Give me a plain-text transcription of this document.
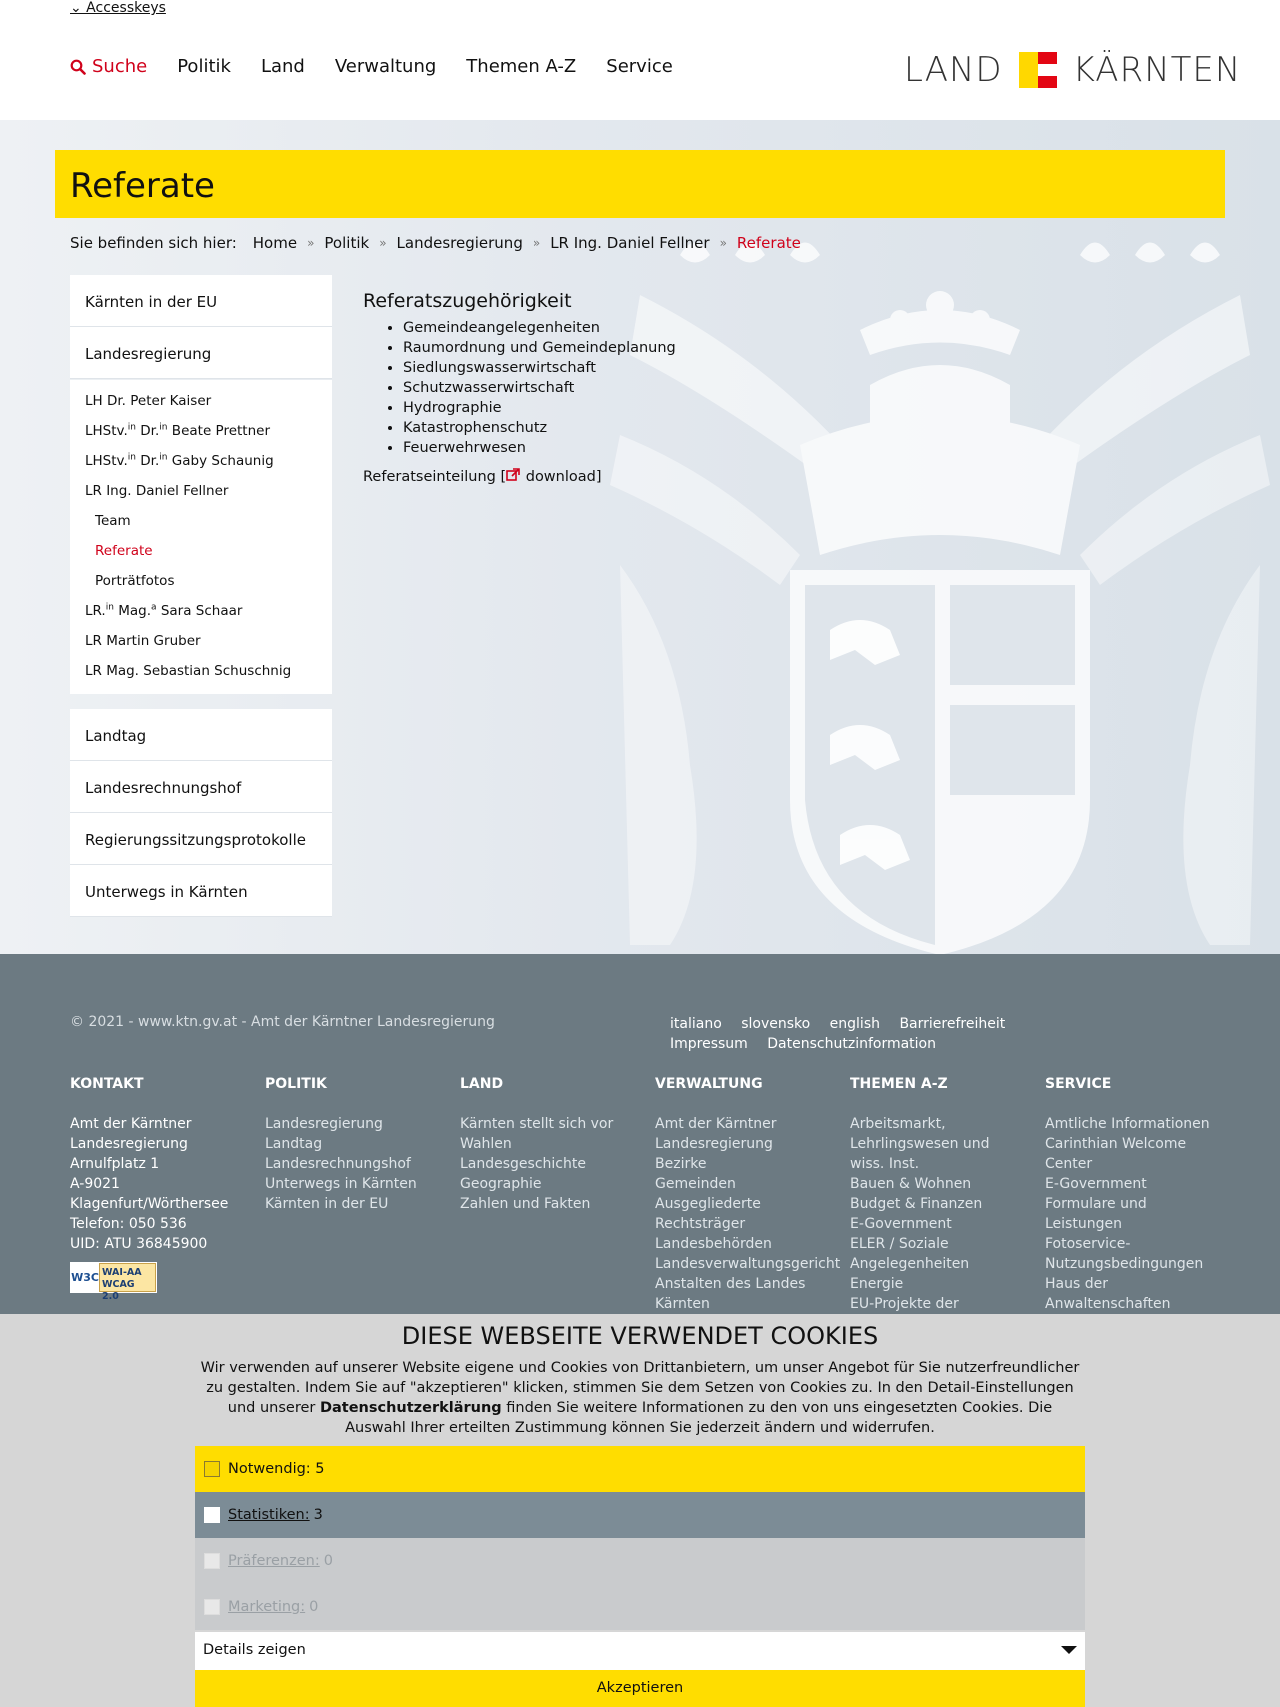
⌄ Accesskeys
Suche Politik Land Verwaltung Themen A-Z Service	LAND KÄRNTEN
Referate
Sie befinden sich hier: Home » Politik » Landesregierung » LR Ing. Daniel Fellner » Referate
Kärnten in der EU
Landesregierung
LH Dr. Peter Kaiser
LHStv.$^{in}$ Dr.$^{in}$ Beate Prettner
LHStv.$^{in}$ Dr.$^{in}$ Gaby Schaunig
LR Ing. Daniel Fellner
Team
Referate
Porträtfotos
LR.$^{in}$ Mag.$^a$ Sara Schaar
LR Martin Gruber
LR Mag. Sebastian Schuschnig
Landtag
Landesrechnungshof
Regierungssitzungsprotokolle
Unterwegs in Kärnten
Referatszugehörigkeit
• Gemeindeangelegenheiten
• Raumordnung und Gemeindeplanung
• Siedlungswasserwirtschaft
• Schutzwasserwirtschaft
• Hydrographie
• Katastrophenschutz
• Feuerwehrwesen
Referatseinteilung [ download]
© 2021 - www.ktn.gv.at - Amt der Kärntner Landesregierung	italiano slovensko english Barrierefreiheit Impressum Datenschutzinformation
KONTAKT
Amt der Kärntner
Landesregierung
Arnulfplatz 1
A-9021
Klagenfurt/Wörthersee
Telefon: 050 536
UID: ATU 36845900
W3C WAI-AA
WCAG 2.0
POLITIK
Landesregierung
Landtag
Landesrechnungshof
Unterwegs in Kärnten
Kärnten in der EU
LAND
Kärnten stellt sich vor
Wahlen
Landesgeschichte
Geographie
Zahlen und Fakten
VERWALTUNG
Amt der Kärntner
Landesregierung
Bezirke
Gemeinden
Ausgegliederte
Rechtsträger
Landesbehörden
Landesverwaltungsgericht
Anstalten des Landes
Kärnten
THEMEN A-Z
Arbeitsmarkt,
Lehrlingswesen und
wiss. Inst.
Bauen & Wohnen
Budget & Finanzen
E-Government
ELER / Soziale
Angelegenheiten
Energie
EU-Projekte der
SERVICE
Amtliche Informationen
Carinthian Welcome
Center
E-Government
Formulare und
Leistungen
Fotoservice-
Nutzungsbedingungen
Haus der
Anwaltenschaften
DIESE WEBSEITE VERWENDET COOKIES

Wir verwenden auf unserer Website eigene und Cookies von Drittanbietern, um unser Angebot für Sie nutzerfreundlicher zu gestalten. Indem Sie auf "akzeptieren" klicken, stimmen Sie dem Setzen von Cookies zu. In den Detail-Einstellungen und unserer Datenschutzerklärung finden Sie weitere Informationen zu den von uns eingesetzten Cookies. Die Auswahl Ihrer erteilten Zustimmung können Sie jederzeit ändern und widerrufen.

Notwendig: 5
Statistiken: 3
Präferenzen: 0
Marketing: 0
Details zeigen
Akzeptieren
